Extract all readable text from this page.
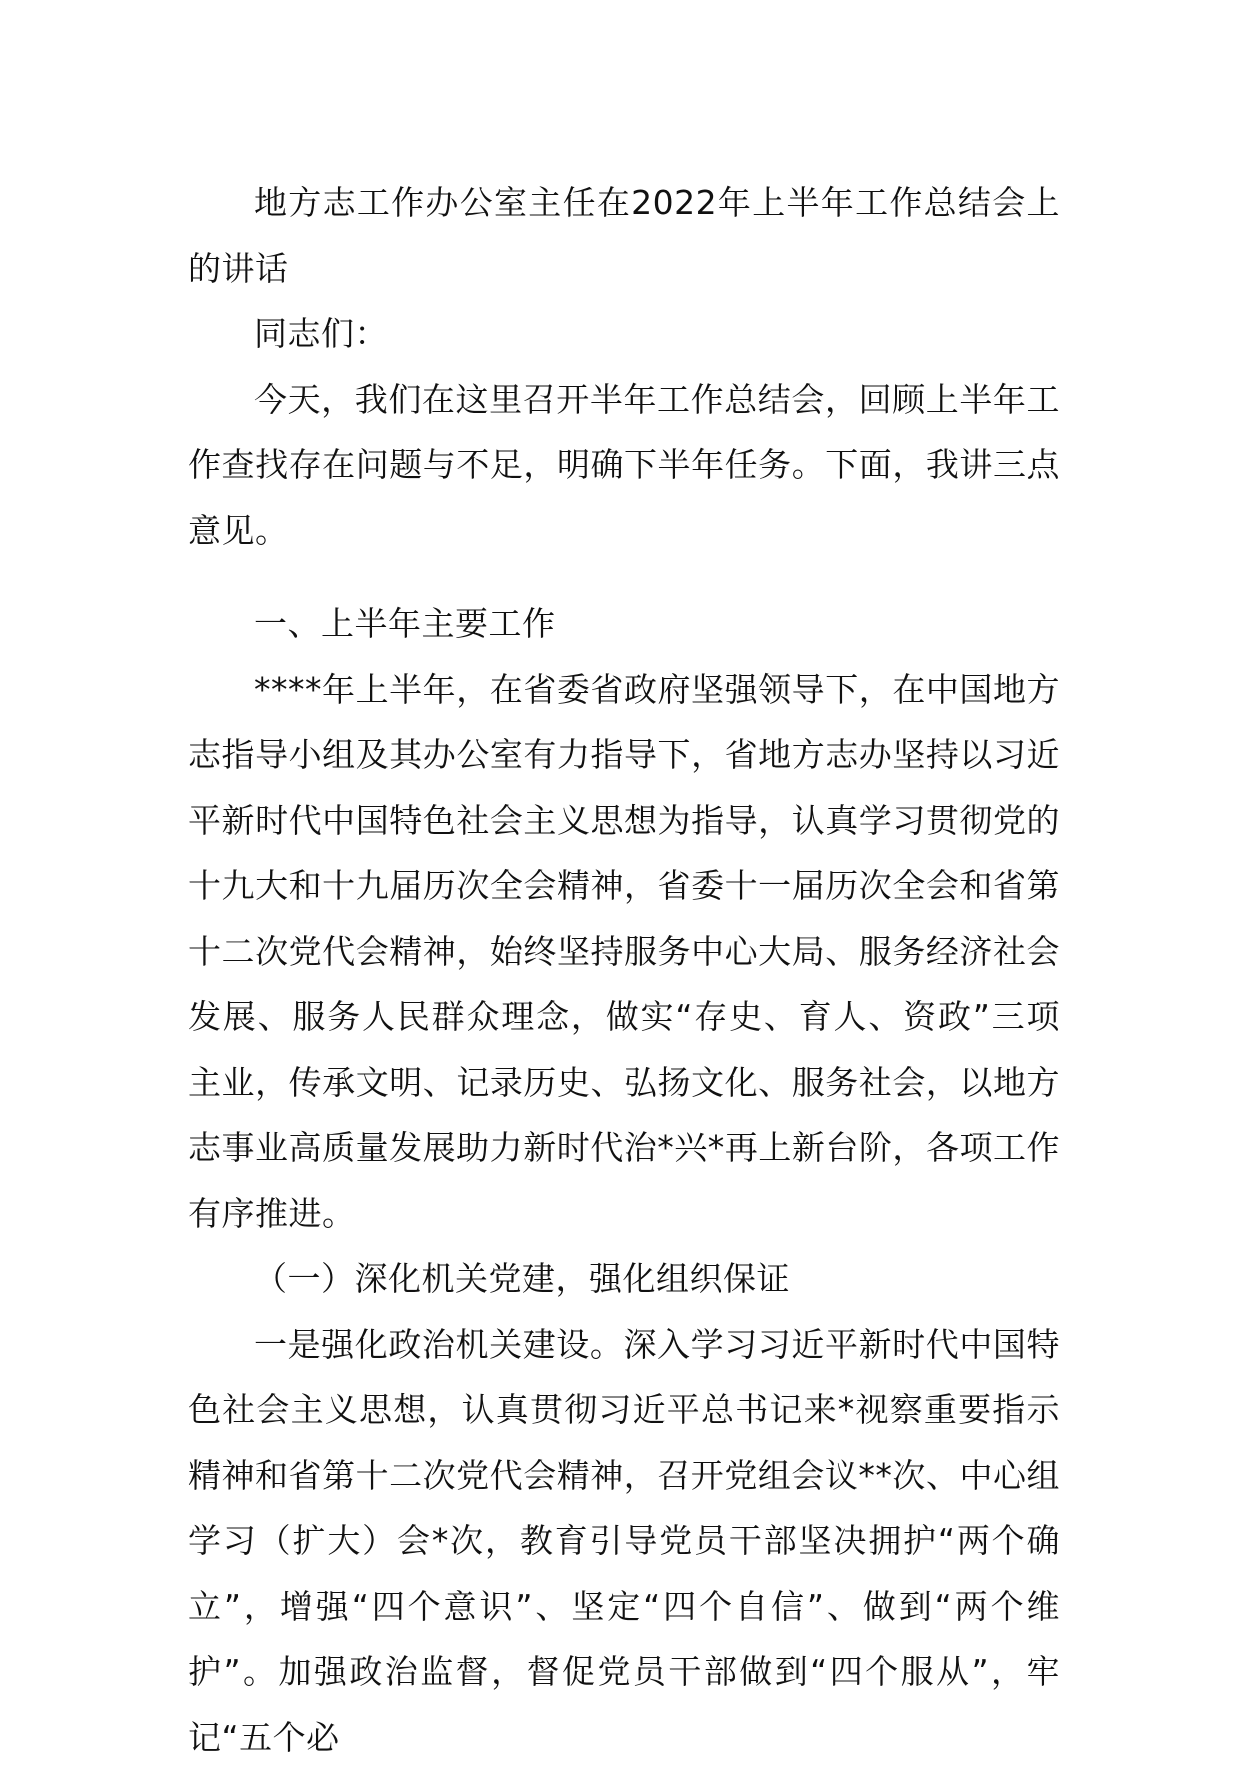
地方志工作办公室主任在2022年上半年工作总结会上的讲话

同志们：

今天，我们在这里召开半年工作总结会，回顾上半年工作查找存在问题与不足，明确下半年任务。下面，我讲三点意见。

一、上半年主要工作

****年上半年，在省委省政府坚强领导下，在中国地方志指导小组及其办公室有力指导下，省地方志办坚持以习近平新时代中国特色社会主义思想为指导，认真学习贯彻党的十九大和十九届历次全会精神，省委十一届历次全会和省第十二次党代会精神，始终坚持服务中心大局、服务经济社会发展、服务人民群众理念，做实“存史、育人、资政”三项主业，传承文明、记录历史、弘扬文化、服务社会，以地方志事业高质量发展助力新时代治*兴*再上新台阶，各项工作有序推进。

（一）深化机关党建，强化组织保证

一是强化政治机关建设。深入学习习近平新时代中国特色社会主义思想，认真贯彻习近平总书记来*视察重要指示精神和省第十二次党代会精神，召开党组会议**次、中心组学习（扩大）会*次，教育引导党员干部坚决拥护“两个确立”，增强“四个意识”、坚定“四个自信”、做到“两个维护”。加强政治监督，督促党员干部做到“四个服从”，牢记“五个必
